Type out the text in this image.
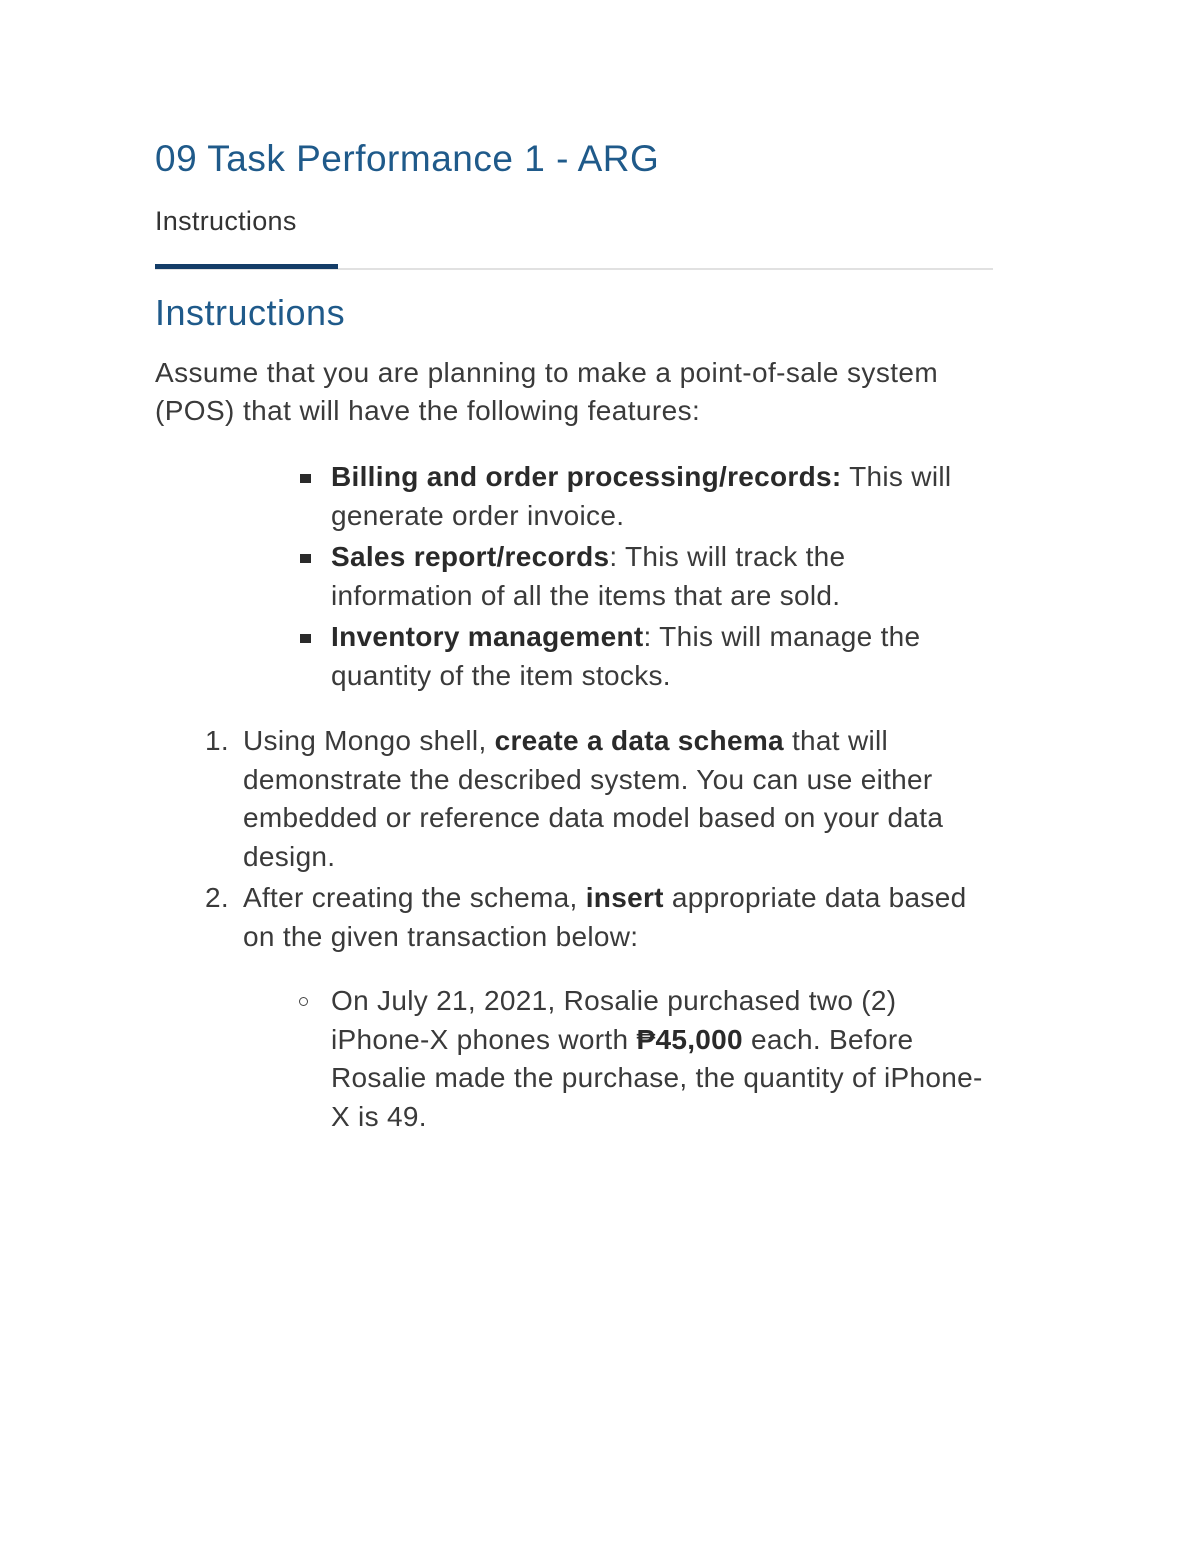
09 Task Performance 1 - ARG
Instructions
Instructions

Assume that you are planning to make a point-of-sale system (POS) that will have the following features:

Billing and order processing/records: This will generate order invoice.
Sales report/records: This will track the information of all the items that are sold.
Inventory management: This will manage the quantity of the item stocks.
1. Using Mongo shell, create a data schema that will demonstrate the described system. You can use either embedded or reference data model based on your data design.
2. After creating the schema, insert appropriate data based on the given transaction below:
On July 21, 2021, Rosalie purchased two (2) iPhone-X phones worth ₱45,000 each. Before Rosalie made the purchase, the quantity of iPhone-X is 49.
